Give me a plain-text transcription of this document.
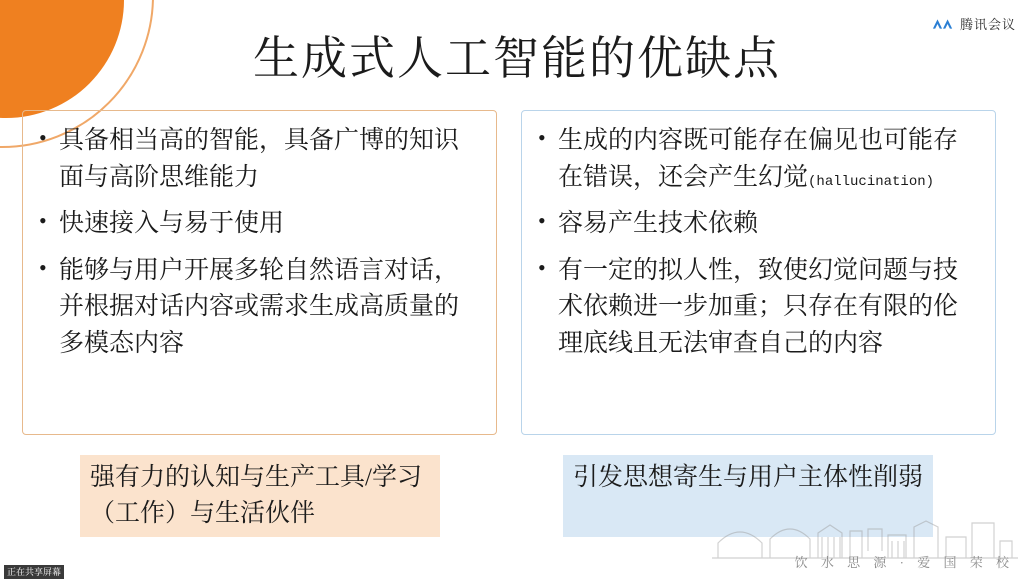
腾讯会议
生成式人工智能的优缺点
• 具备相当高的智能，具备广博的知识面与高阶思维能力
• 快速接入与易于使用
• 能够与用户开展多轮自然语言对话，并根据对话内容或需求生成高质量的多模态内容
• 生成的内容既可能存在偏见也可能存在错误，还会产生幻觉(hallucination)
• 容易产生技术依赖
• 有一定的拟人性，致使幻觉问题与技术依赖进一步加重；只存在有限的伦理底线且无法审查自己的内容
强有力的认知与生产工具/学习（工作）与生活伙伴
引发思想寄生与用户主体性削弱
饮 水 思 源 · 爱 国 荣 校
正在共享屏幕
